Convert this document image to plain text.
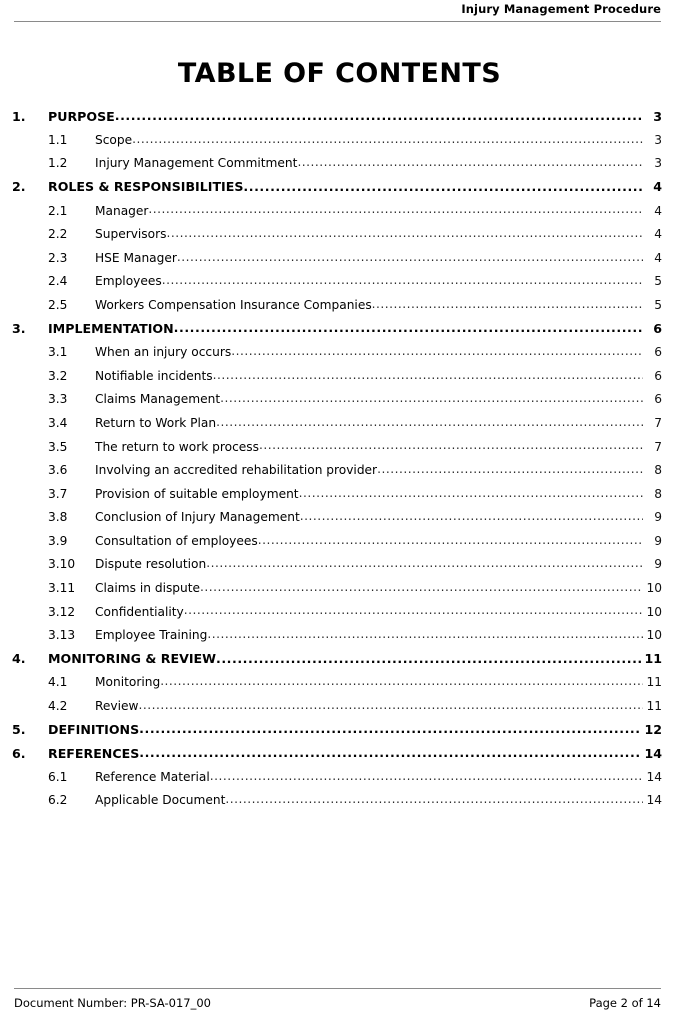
Injury Management Procedure
TABLE OF CONTENTS
1.	PURPOSE .....	3
1.1	Scope .....	3
1.2	Injury Management Commitment .....	3
2.	ROLES & RESPONSIBILITIES .....	4
2.1	Manager .....	4
2.2	Supervisors .....	4
2.3	HSE Manager .....	4
2.4	Employees .....	5
2.5	Workers Compensation Insurance Companies .....	5
3.	IMPLEMENTATION .....	6
3.1	When an injury occurs .....	6
3.2	Notifiable incidents .....	6
3.3	Claims Management .....	6
3.4	Return to Work Plan .....	7
3.5	The return to work process .....	7
3.6	Involving an accredited rehabilitation provider .....	8
3.7	Provision of suitable employment .....	8
3.8	Conclusion of Injury Management .....	9
3.9	Consultation of employees .....	9
3.10	Dispute resolution .....	9
3.11	Claims in dispute .....	10
3.12	Confidentiality .....	10
3.13	Employee Training .....	10
4.	MONITORING & REVIEW .....	11
4.1	Monitoring .....	11
4.2	Review .....	11
5.	DEFINITIONS .....	12
6.	REFERENCES .....	14
6.1	Reference Material .....	14
6.2	Applicable Document .....	14
Document Number: PR-SA-017_00	Page 2 of 14
